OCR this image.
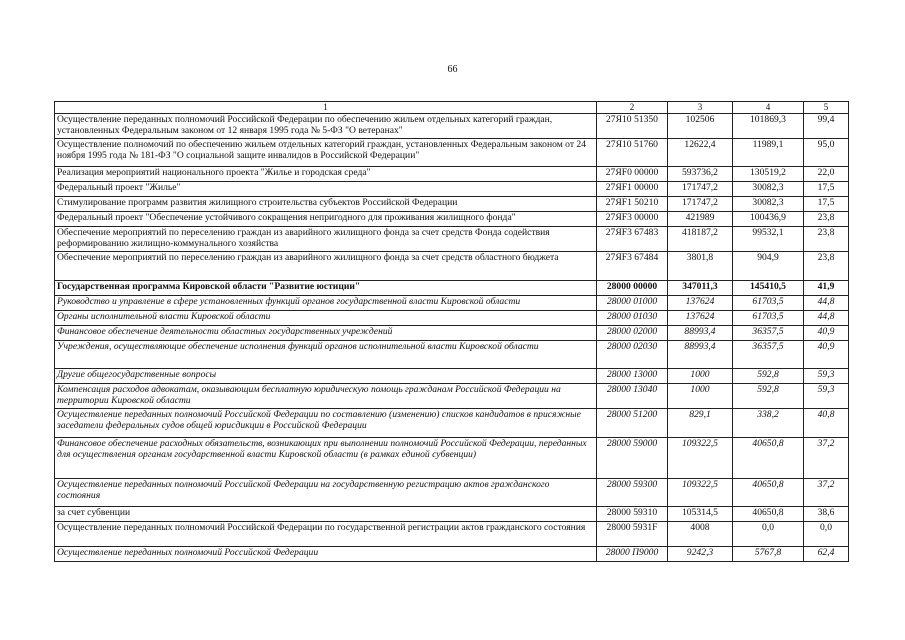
66
1	2	3	4	5
Осуществление переданных полномочий Российской Федерации по обеспечению жильем отдельных категорий граждан, установленных Федеральным законом от 12 января 1995 года № 5-ФЗ "О ветеранах"	27Я10 51350	102506	101869,3	99,4
Осуществление полномочий по обеспечению жильем отдельных категорий граждан, установленных Федеральным законом от 24 ноября 1995 года № 181-ФЗ "О социальной защите инвалидов в Российской Федерации"	27Я10 51760	12622,4	11989,1	95,0
Реализация мероприятий национального проекта "Жилье и городская среда"	27ЯF0 00000	593736,2	130519,2	22,0
Федеральный проект "Жилье"	27ЯF1 00000	171747,2	30082,3	17,5
Стимулирование программ развития жилищного строительства субъектов Российской Федерации	27ЯF1 50210	171747,2	30082,3	17,5
Федеральный проект "Обеспечение устойчивого сокращения непригодного для проживания жилищного фонда"	27ЯF3 00000	421989	100436,9	23,8
Обеспечение мероприятий по переселению граждан из аварийного жилищного фонда за счет средств Фонда содействия реформированию жилищно-коммунального хозяйства	27ЯF3 67483	418187,2	99532,1	23,8
Обеспечение мероприятий по переселению граждан из аварийного жилищного фонда за счет средств областного бюджета	27ЯF3 67484	3801,8	904,9	23,8
Государственная программа Кировской области "Развитие юстиции"	28000 00000	347011,3	145410,5	41,9
Руководство и управление в сфере установленных функций органов государственной власти Кировской области	28000 01000	137624	61703,5	44,8
Органы исполнительной власти Кировской области	28000 01030	137624	61703,5	44,8
Финансовое обеспечение деятельности областных государственных учреждений	28000 02000	88993,4	36357,5	40,9
Учреждения, осуществляющие обеспечение исполнения функций органов исполнительной власти Кировской области	28000 02030	88993,4	36357,5	40,9
Другие общегосударственные вопросы	28000 13000	1000	592,8	59,3
Компенсация расходов адвокатам, оказывающим бесплатную юридическую помощь гражданам Российской Федерации на территории Кировской области	28000 13040	1000	592,8	59,3
Осуществление переданных полномочий Российской Федерации по составлению (изменению) списков кандидатов в присяжные заседатели федеральных судов общей юрисдикции в Российской Федерации	28000 51200	829,1	338,2	40,8
Финансовое обеспечение расходных обязательств, возникающих при выполнении полномочий Российской Федерации, переданных для осуществления органам государственной власти Кировской области (в рамках единой субвенции)	28000 59000	109322,5	40650,8	37,2
Осуществление переданных полномочий Российской Федерации на государственную регистрацию актов гражданского состояния	28000 59300	109322,5	40650,8	37,2
за счет субвенции	28000 59310	105314,5	40650,8	38,6
Осуществление переданных полномочий Российской Федерации по государственной регистрации актов гражданского состояния	28000 5931F	4008	0,0	0,0
Осуществление переданных полномочий Российской Федерации	28000 П9000	9242,3	5767,8	62,4
